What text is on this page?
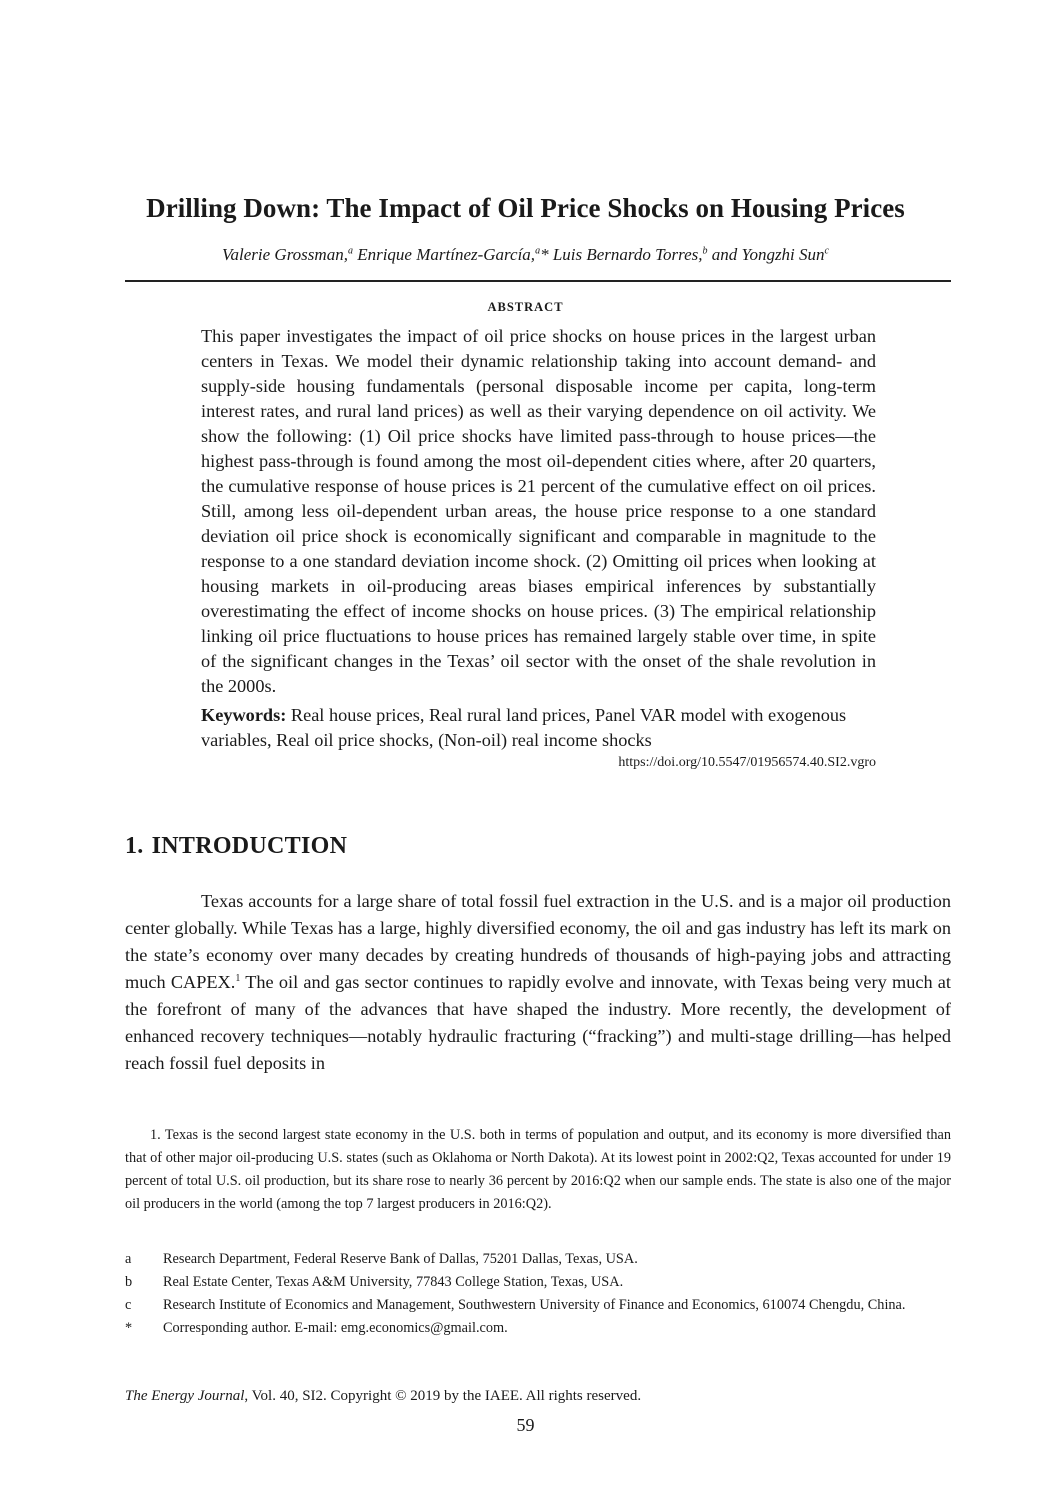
Drilling Down: The Impact of Oil Price Shocks on Housing Prices
Valerie Grossman,$^a$ Enrique Martínez-García,$^a$* Luis Bernardo Torres,$^b$ and Yongzhi Sun$^c$
ABSTRACT

This paper investigates the impact of oil price shocks on house prices in the largest urban centers in Texas. We model their dynamic relationship taking into account demand- and supply-side housing fundamentals (personal disposable income per capita, long-term interest rates, and rural land prices) as well as their varying dependence on oil activity. We show the following: (1) Oil price shocks have limited pass-through to house prices—the highest pass-through is found among the most oil-dependent cities where, after 20 quarters, the cumulative response of house prices is 21 percent of the cumulative effect on oil prices. Still, among less oil-dependent urban areas, the house price response to a one standard deviation oil price shock is economically significant and comparable in magnitude to the response to a one standard deviation income shock. (2) Omitting oil prices when looking at housing markets in oil-producing areas biases empirical inferences by substantially overestimating the effect of income shocks on house prices. (3) The empirical relationship linking oil price fluctuations to house prices has remained largely stable over time, in spite of the significant changes in the Texas’ oil sector with the onset of the shale revolution in the 2000s.

Keywords: Real house prices, Real rural land prices, Panel VAR model with exogenous variables, Real oil price shocks, (Non-oil) real income shocks

https://doi.org/10.5547/01956574.40.SI2.vgro

1. INTRODUCTION

Texas accounts for a large share of total fossil fuel extraction in the U.S. and is a major oil production center globally. While Texas has a large, highly diversified economy, the oil and gas industry has left its mark on the state’s economy over many decades by creating hundreds of thousands of high-paying jobs and attracting much CAPEX.$^1$ The oil and gas sector continues to rapidly evolve and innovate, with Texas being very much at the forefront of many of the advances that have shaped the industry. More recently, the development of enhanced recovery techniques—notably hydraulic fracturing (“fracking”) and multi-stage drilling—has helped reach fossil fuel deposits in

1. Texas is the second largest state economy in the U.S. both in terms of population and output, and its economy is more diversified than that of other major oil-producing U.S. states (such as Oklahoma or North Dakota). At its lowest point in 2002:Q2, Texas accounted for under 19 percent of total U.S. oil production, but its share rose to nearly 36 percent by 2016:Q2 when our sample ends. The state is also one of the major oil producers in the world (among the top 7 largest producers in 2016:Q2).

a	Research Department, Federal Reserve Bank of Dallas, 75201 Dallas, Texas, USA.
b	Real Estate Center, Texas A&M University, 77843 College Station, Texas, USA.
c	Research Institute of Economics and Management, Southwestern University of Finance and Economics, 610074 Chengdu, China.
*	Corresponding author. E-mail: emg.economics@gmail.com.
The Energy Journal, Vol. 40, SI2. Copyright © 2019 by the IAEE. All rights reserved.
59
